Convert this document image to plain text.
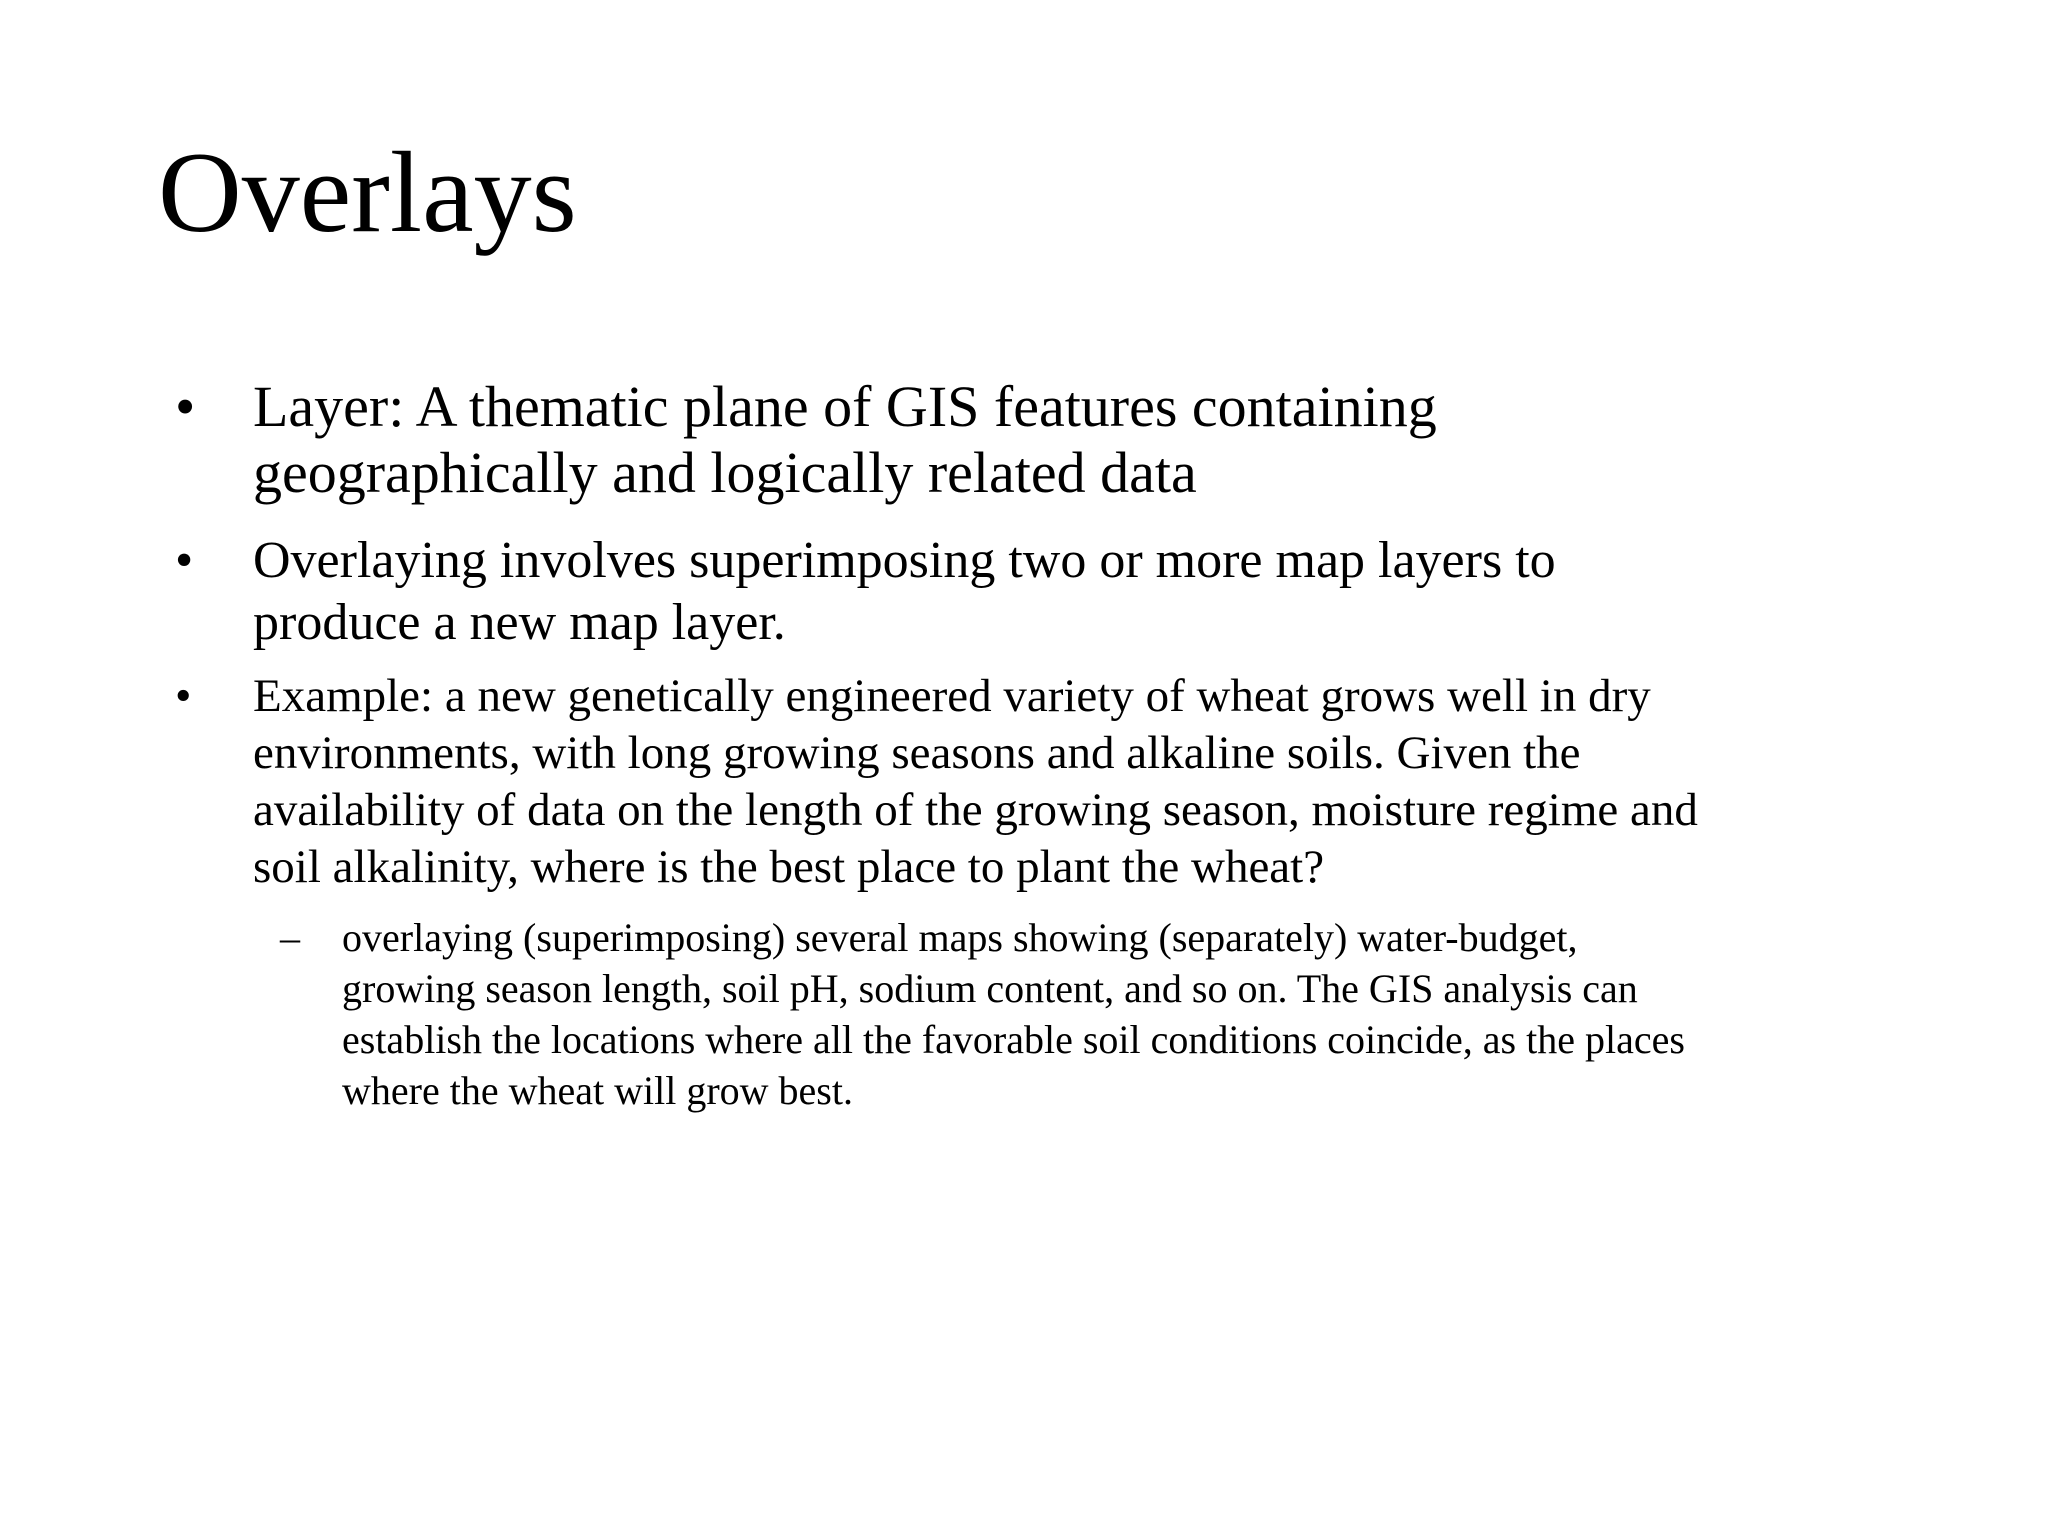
Overlays
• Layer: A thematic plane of GIS features containing
geographically and logically related data
• Overlaying involves superimposing two or more map layers to
produce a new map layer.
• Example: a new genetically engineered variety of wheat grows well in dry
environments, with long growing seasons and alkaline soils. Given the
availability of data on the length of the growing season, moisture regime and
soil alkalinity, where is the best place to plant the wheat?
– overlaying (superimposing) several maps showing (separately) water-budget,
growing season length, soil pH, sodium content, and so on. The GIS analysis can
establish the locations where all the favorable soil conditions coincide, as the places
where the wheat will grow best.
